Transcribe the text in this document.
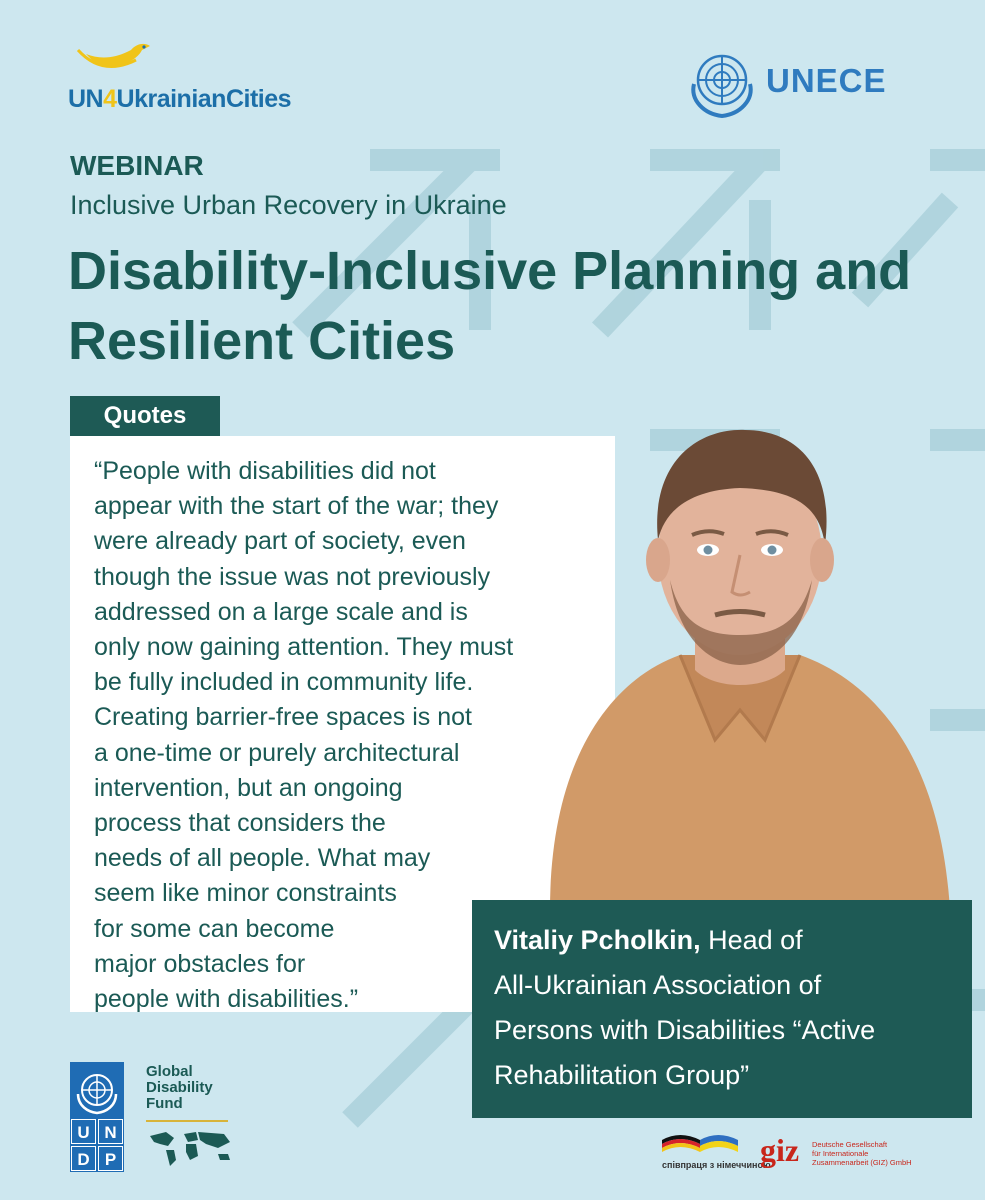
UN4UkrainianCities	UNECE
WEBINAR
Inclusive Urban Recovery in Ukraine
Disability-Inclusive Planning and Resilient Cities
Quotes
“People with disabilities did not
appear with the start of the war; they
were already part of society, even
though the issue was not previously
addressed on a large scale and is
only now gaining attention. They must
be fully included in community life.
Creating barrier-free spaces is not
a one-time or purely architectural
intervention, but an ongoing
process that considers the
needs of all people. What may
seem like minor constraints
for some can become
major obstacles for
people with disabilities.”
Vitaliy Pcholkin, Head of
All-Ukrainian Association of
Persons with Disabilities “Active
Rehabilitation Group”
U N
D P
Global
Disability
Fund
співпраця з німеччиною
giz Deutsche Gesellschaft
für Internationale
Zusammenarbeit (GIZ) GmbH
